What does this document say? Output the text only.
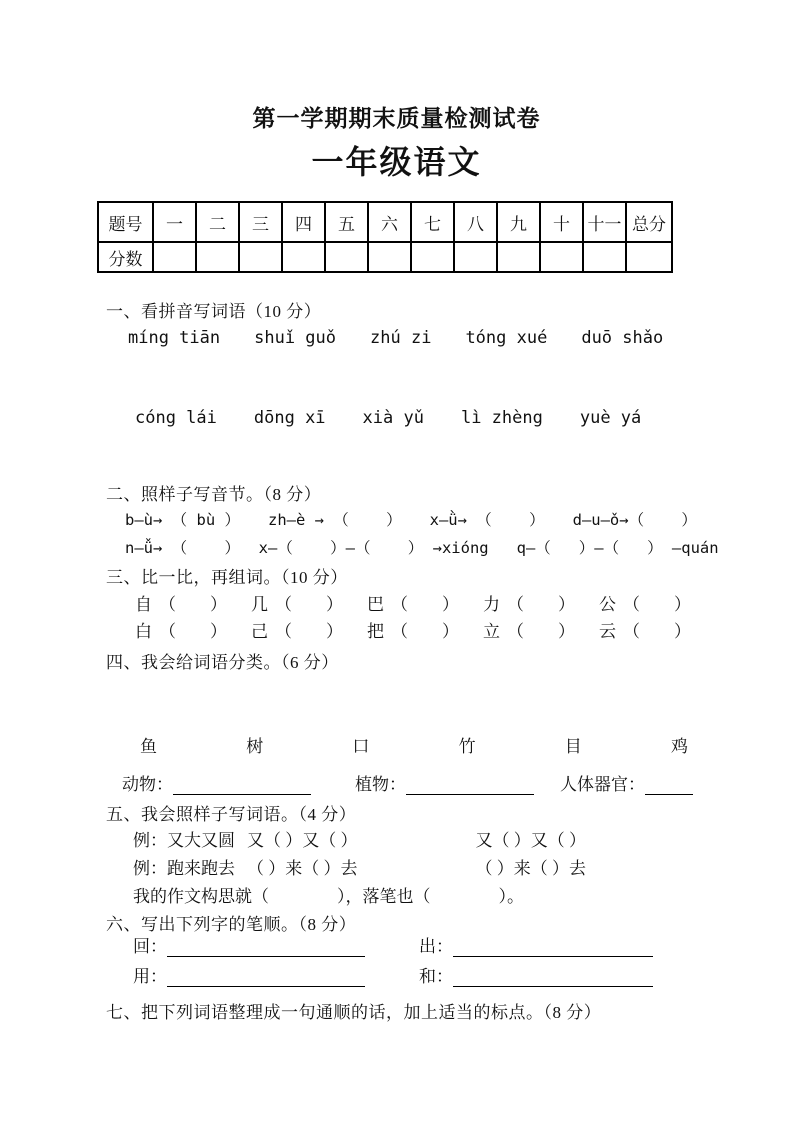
第一学期期末质量检测试卷
一年级语文
题号	一	二	三	四	五	六	七	八	九	十	十一	总分
分数												
一、看拼音写词语（10 分）
míng tiān shuǐ guǒ zhú zi tóng xué duō shǎo
cóng lái dōng xī xià yǔ lì zhèng yuè yá
二、照样子写音节。（8 分）
b—ù→ （ bù ）   zh—è → （    ）   x—ǜ→ （    ）   d—u—ǒ→（    ）
n—ǚ→ （    ）  x—（    ）—（    ） →xióng   q—（   ）—（   ） —quán
三、比一比，再组词。（10 分）
自 （　　） 几 （　　） 巴 （　　） 力 （　　） 公 （　　）
白 （　　） 己 （　　） 把 （　　） 立 （　　） 云 （　　）
四、我会给词语分类。（6 分）
鱼	树	口	竹	目	鸡
动物：	植物：	人体器官：
五、我会照样子写词语。（4 分）
例：又大又圆 又（ ）又（ ）	又（ ）又（ ）
例：跑来跑去 （ ）来（ ）去	（ ）来（ ）去
我的作文构思就（　　　　），落笔也（　　　　）。
六、写出下列字的笔顺。（8 分）
回：	出：
用：	和：
七、把下列词语整理成一句通顺的话，加上适当的标点。（8 分）
